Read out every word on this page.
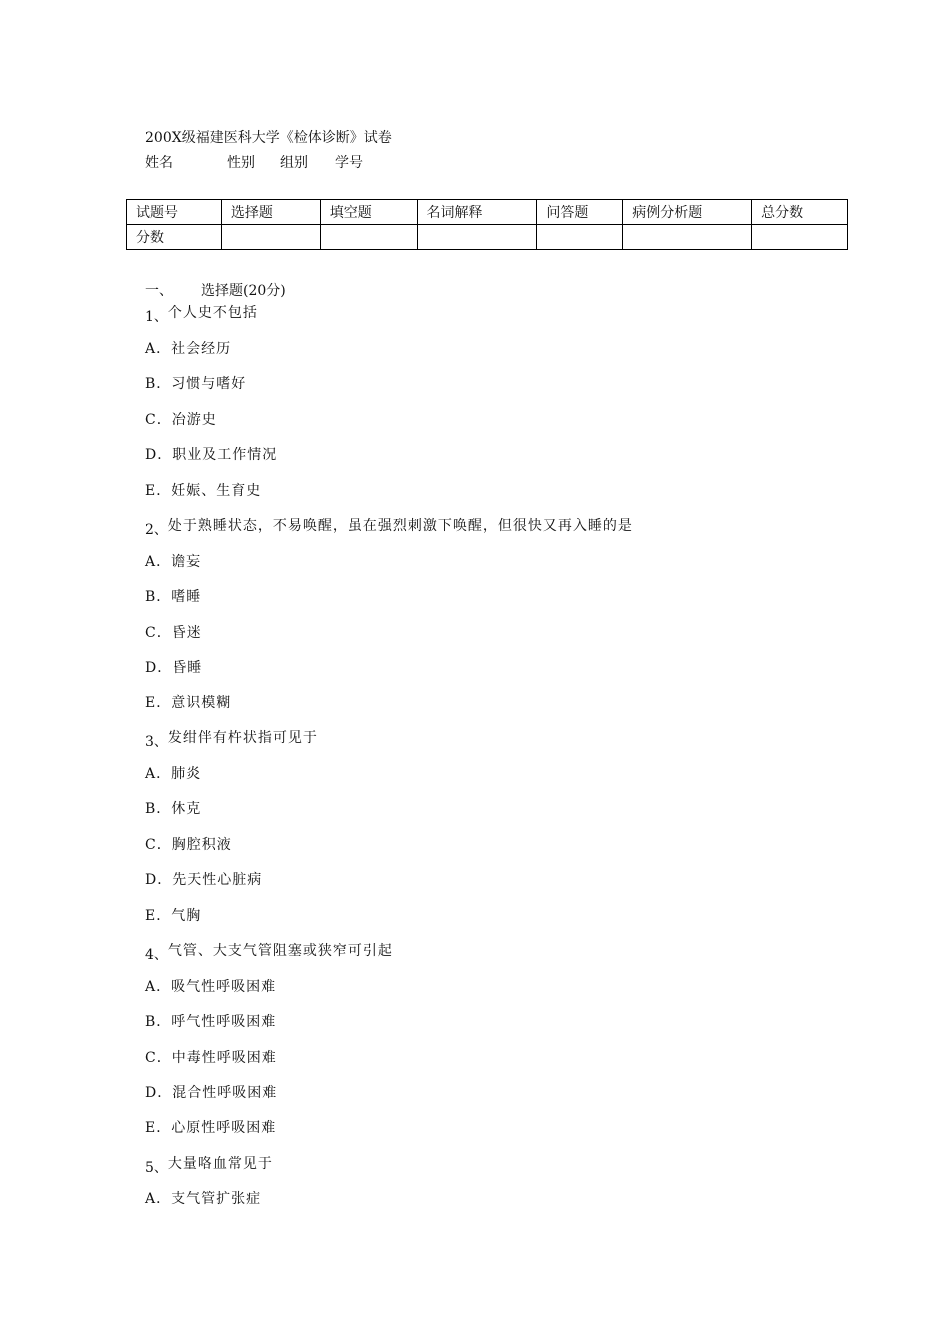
200X级福建医科大学《检体诊断》试卷
姓名	性别 组别 学号
试题号	选择题	填空题	名词解释	问答题	病例分析题	总分数
分数						
一、 选择题(20分)
1、个人史不包括
A．社会经历
B．习惯与嗜好
C．冶游史
D．职业及工作情况
E．妊娠、生育史
2、处于熟睡状态，不易唤醒，虽在强烈刺激下唤醒，但很快又再入睡的是
A．谵妄
B．嗜睡
C．昏迷
D．昏睡
E．意识模糊
3、发绀伴有杵状指可见于
A．肺炎
B．休克
C．胸腔积液
D．先天性心脏病
E．气胸
4、气管、大支气管阻塞或狭窄可引起
A．吸气性呼吸困难
B．呼气性呼吸困难
C．中毒性呼吸困难
D．混合性呼吸困难
E．心原性呼吸困难
5、大量咯血常见于
A．支气管扩张症
